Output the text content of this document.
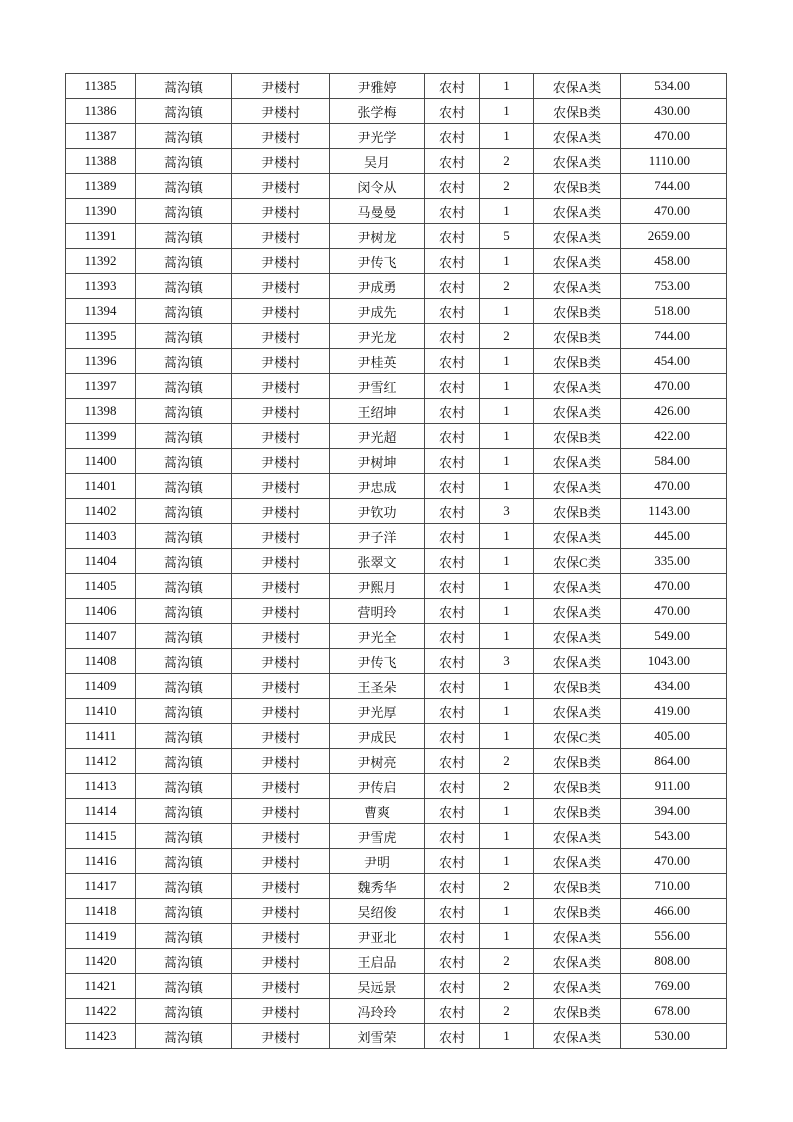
11385	蒿沟镇	尹楼村	尹雅婷	农村	1	农保A类	534.00
11386	蒿沟镇	尹楼村	张学梅	农村	1	农保B类	430.00
11387	蒿沟镇	尹楼村	尹光学	农村	1	农保A类	470.00
11388	蒿沟镇	尹楼村	吴月	农村	2	农保A类	1110.00
11389	蒿沟镇	尹楼村	闵令从	农村	2	农保B类	744.00
11390	蒿沟镇	尹楼村	马曼曼	农村	1	农保A类	470.00
11391	蒿沟镇	尹楼村	尹树龙	农村	5	农保A类	2659.00
11392	蒿沟镇	尹楼村	尹传飞	农村	1	农保A类	458.00
11393	蒿沟镇	尹楼村	尹成勇	农村	2	农保A类	753.00
11394	蒿沟镇	尹楼村	尹成先	农村	1	农保B类	518.00
11395	蒿沟镇	尹楼村	尹光龙	农村	2	农保B类	744.00
11396	蒿沟镇	尹楼村	尹桂英	农村	1	农保B类	454.00
11397	蒿沟镇	尹楼村	尹雪红	农村	1	农保A类	470.00
11398	蒿沟镇	尹楼村	王绍坤	农村	1	农保A类	426.00
11399	蒿沟镇	尹楼村	尹光超	农村	1	农保B类	422.00
11400	蒿沟镇	尹楼村	尹树坤	农村	1	农保A类	584.00
11401	蒿沟镇	尹楼村	尹忠成	农村	1	农保A类	470.00
11402	蒿沟镇	尹楼村	尹钦功	农村	3	农保B类	1143.00
11403	蒿沟镇	尹楼村	尹子洋	农村	1	农保A类	445.00
11404	蒿沟镇	尹楼村	张翠文	农村	1	农保C类	335.00
11405	蒿沟镇	尹楼村	尹熙月	农村	1	农保A类	470.00
11406	蒿沟镇	尹楼村	营明玲	农村	1	农保A类	470.00
11407	蒿沟镇	尹楼村	尹光全	农村	1	农保A类	549.00
11408	蒿沟镇	尹楼村	尹传飞	农村	3	农保A类	1043.00
11409	蒿沟镇	尹楼村	王圣朵	农村	1	农保B类	434.00
11410	蒿沟镇	尹楼村	尹光厚	农村	1	农保A类	419.00
11411	蒿沟镇	尹楼村	尹成民	农村	1	农保C类	405.00
11412	蒿沟镇	尹楼村	尹树亮	农村	2	农保B类	864.00
11413	蒿沟镇	尹楼村	尹传启	农村	2	农保B类	911.00
11414	蒿沟镇	尹楼村	曹爽	农村	1	农保B类	394.00
11415	蒿沟镇	尹楼村	尹雪虎	农村	1	农保A类	543.00
11416	蒿沟镇	尹楼村	尹明	农村	1	农保A类	470.00
11417	蒿沟镇	尹楼村	魏秀华	农村	2	农保B类	710.00
11418	蒿沟镇	尹楼村	吴绍俊	农村	1	农保B类	466.00
11419	蒿沟镇	尹楼村	尹亚北	农村	1	农保A类	556.00
11420	蒿沟镇	尹楼村	王启品	农村	2	农保A类	808.00
11421	蒿沟镇	尹楼村	吴远景	农村	2	农保A类	769.00
11422	蒿沟镇	尹楼村	冯玲玲	农村	2	农保B类	678.00
11423	蒿沟镇	尹楼村	刘雪荣	农村	1	农保A类	530.00
